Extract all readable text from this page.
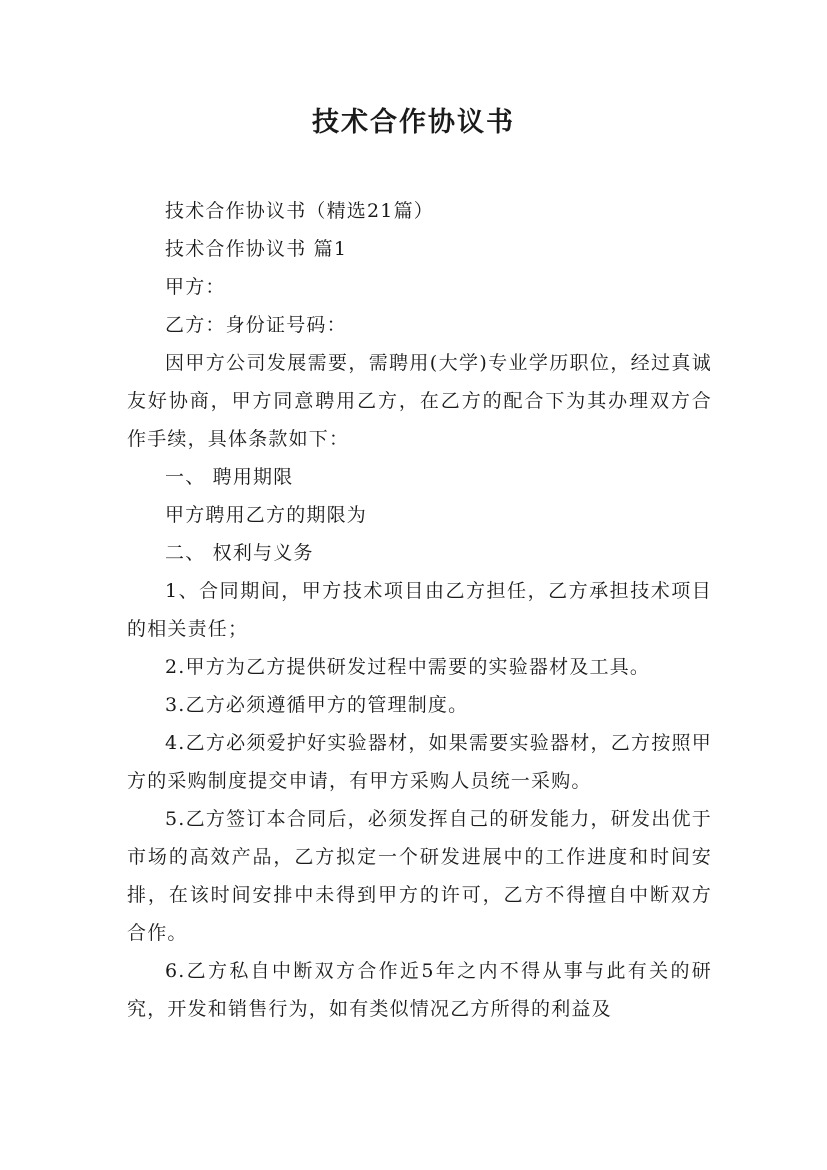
技术合作协议书

技术合作协议书（精选21篇）

技术合作协议书 篇1

甲方：

乙方：身份证号码：

因甲方公司发展需要，需聘用(大学)专业学历职位，经过真诚友好协商，甲方同意聘用乙方，在乙方的配合下为其办理双方合作手续，具体条款如下：

一、 聘用期限

甲方聘用乙方的期限为

二、 权利与义务

1、合同期间，甲方技术项目由乙方担任，乙方承担技术项目的相关责任；

2.甲方为乙方提供研发过程中需要的实验器材及工具。

3.乙方必须遵循甲方的管理制度。

4.乙方必须爱护好实验器材，如果需要实验器材，乙方按照甲方的采购制度提交申请，有甲方采购人员统一采购。

5.乙方签订本合同后，必须发挥自己的研发能力，研发出优于市场的高效产品，乙方拟定一个研发进展中的工作进度和时间安排，在该时间安排中未得到甲方的许可，乙方不得擅自中断双方合作。

6.乙方私自中断双方合作近5年之内不得从事与此有关的研究，开发和销售行为，如有类似情况乙方所得的利益及
